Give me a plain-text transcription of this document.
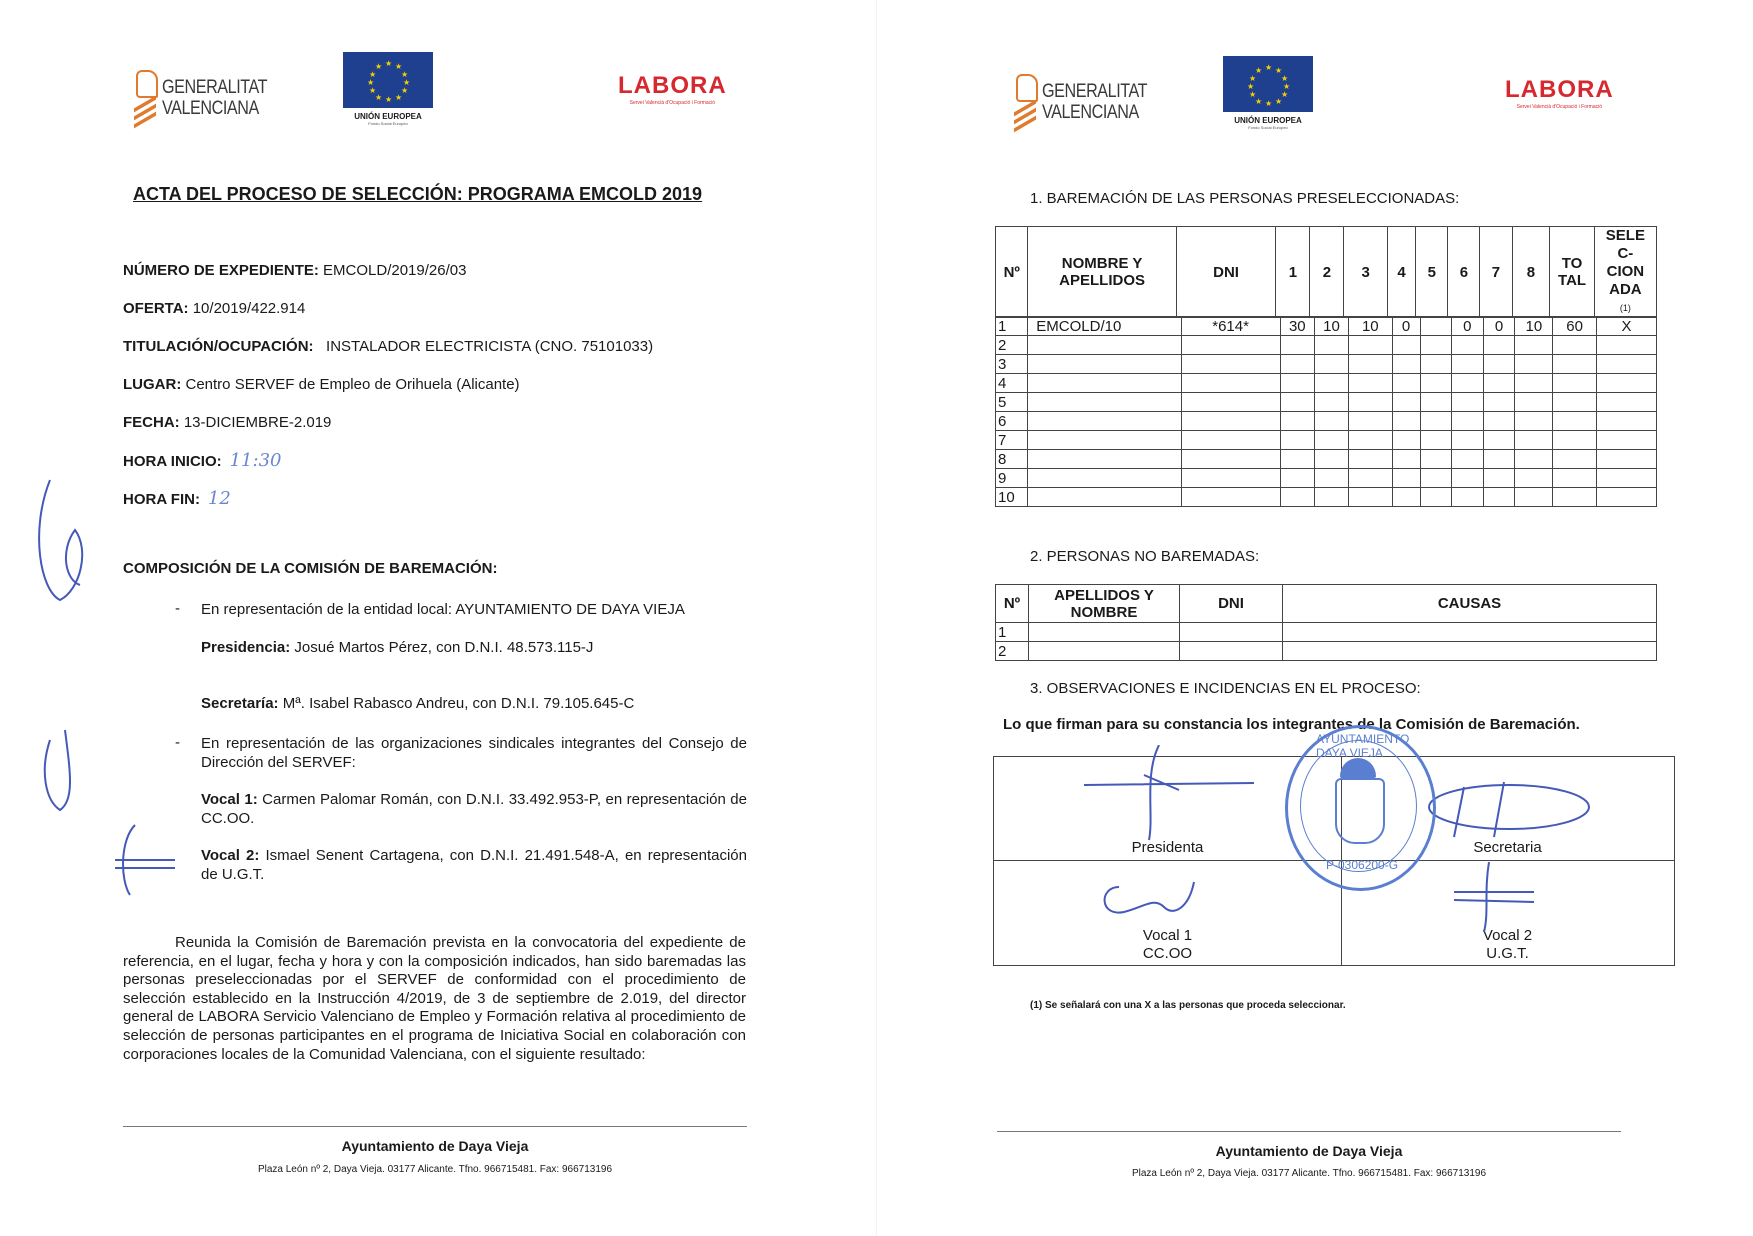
GENERALITAT
VALENCIANA
★ ★
★
★
★
★
★
★
★
★
★
★
UNIÓN EUROPEA
Fondo Social Europeo
LABORA
Servei Valencià d'Ocupació i Formació
ACTA DEL PROCESO DE SELECCIÓN: PROGRAMA EMCOLD 2019
NÚMERO DE EXPEDIENTE: EMCOLD/2019/26/03
OFERTA: 10/2019/422.914
TITULACIÓN/OCUPACIÓN:   INSTALADOR ELECTRICISTA (CNO. 75101033)
LUGAR: Centro SERVEF de Empleo de Orihuela (Alicante)
FECHA: 13-DICIEMBRE-2.019
HORA INICIO: 11:30
HORA FIN: 12
COMPOSICIÓN DE LA COMISIÓN DE BAREMACIÓN:
- En representación de la entidad local: AYUNTAMIENTO DE DAYA VIEJA
Presidencia: Josué Martos Pérez, con D.N.I. 48.573.115-J
Secretaría: Mª. Isabel Rabasco Andreu, con D.N.I. 79.105.645-C
- En representación de las organizaciones sindicales integrantes del Consejo de Dirección del SERVEF:
Vocal 1: Carmen Palomar Román, con D.N.I. 33.492.953-P, en representación de CC.OO.
Vocal 2: Ismael Senent Cartagena, con D.N.I. 21.491.548-A, en representación de U.G.T.
Reunida la Comisión de Baremación prevista en la convocatoria del expediente de referencia, en el lugar, fecha y hora y con la composición indicados, han sido baremadas las personas preseleccionadas por el SERVEF de conformidad con el procedimiento de selección establecido en la Instrucción 4/2019, de 3 de septiembre de 2.019, del director general de LABORA Servicio Valenciano de Empleo y Formación relativa al procedimiento de selección de personas participantes en el programa de Iniciativa Social en colaboración con corporaciones locales de la Comunidad Valenciana, con el siguiente resultado:
Ayuntamiento de Daya Vieja
Plaza León nº 2, Daya Vieja. 03177 Alicante. Tfno. 966715481. Fax: 966713196
GENERALITAT
VALENCIANA
★ ★
★
★
★
★
★
★
★
★
★
★
UNIÓN EUROPEA
Fondo Social Europeo
LABORA
Servei Valencià d'Ocupació i Formació
1. BAREMACIÓN DE LAS PERSONAS PRESELECCIONADAS:
Nº	NOMBRE Y APELLIDOS	DNI	1	2	3	4	5	6	7	8	TO TAL	SELE C- CION ADA
(1)
1	EMCOLD/10	*614*	30	10	10	0		0	0	10	60	X
2												
3												
4												
5												
6												
7												
8												
9												
10												
2. PERSONAS NO BAREMADAS:
Nº	APELLIDOS Y NOMBRE	DNI	CAUSAS
1			
2			
3. OBSERVACIONES E INCIDENCIAS EN EL PROCESO:
Lo que firman para su constancia los integrantes de la Comisión de Baremación.
Presidenta	Secretaria
Vocal 1
CC.OO
Vocal 2
U.G.T.
AYUNTAMIENTO DAYA VIEJA
P-0306200-G
(1) Se señalará con una X a las personas que proceda seleccionar.
Ayuntamiento de Daya Vieja
Plaza León nº 2, Daya Vieja. 03177 Alicante. Tfno. 966715481. Fax: 966713196
